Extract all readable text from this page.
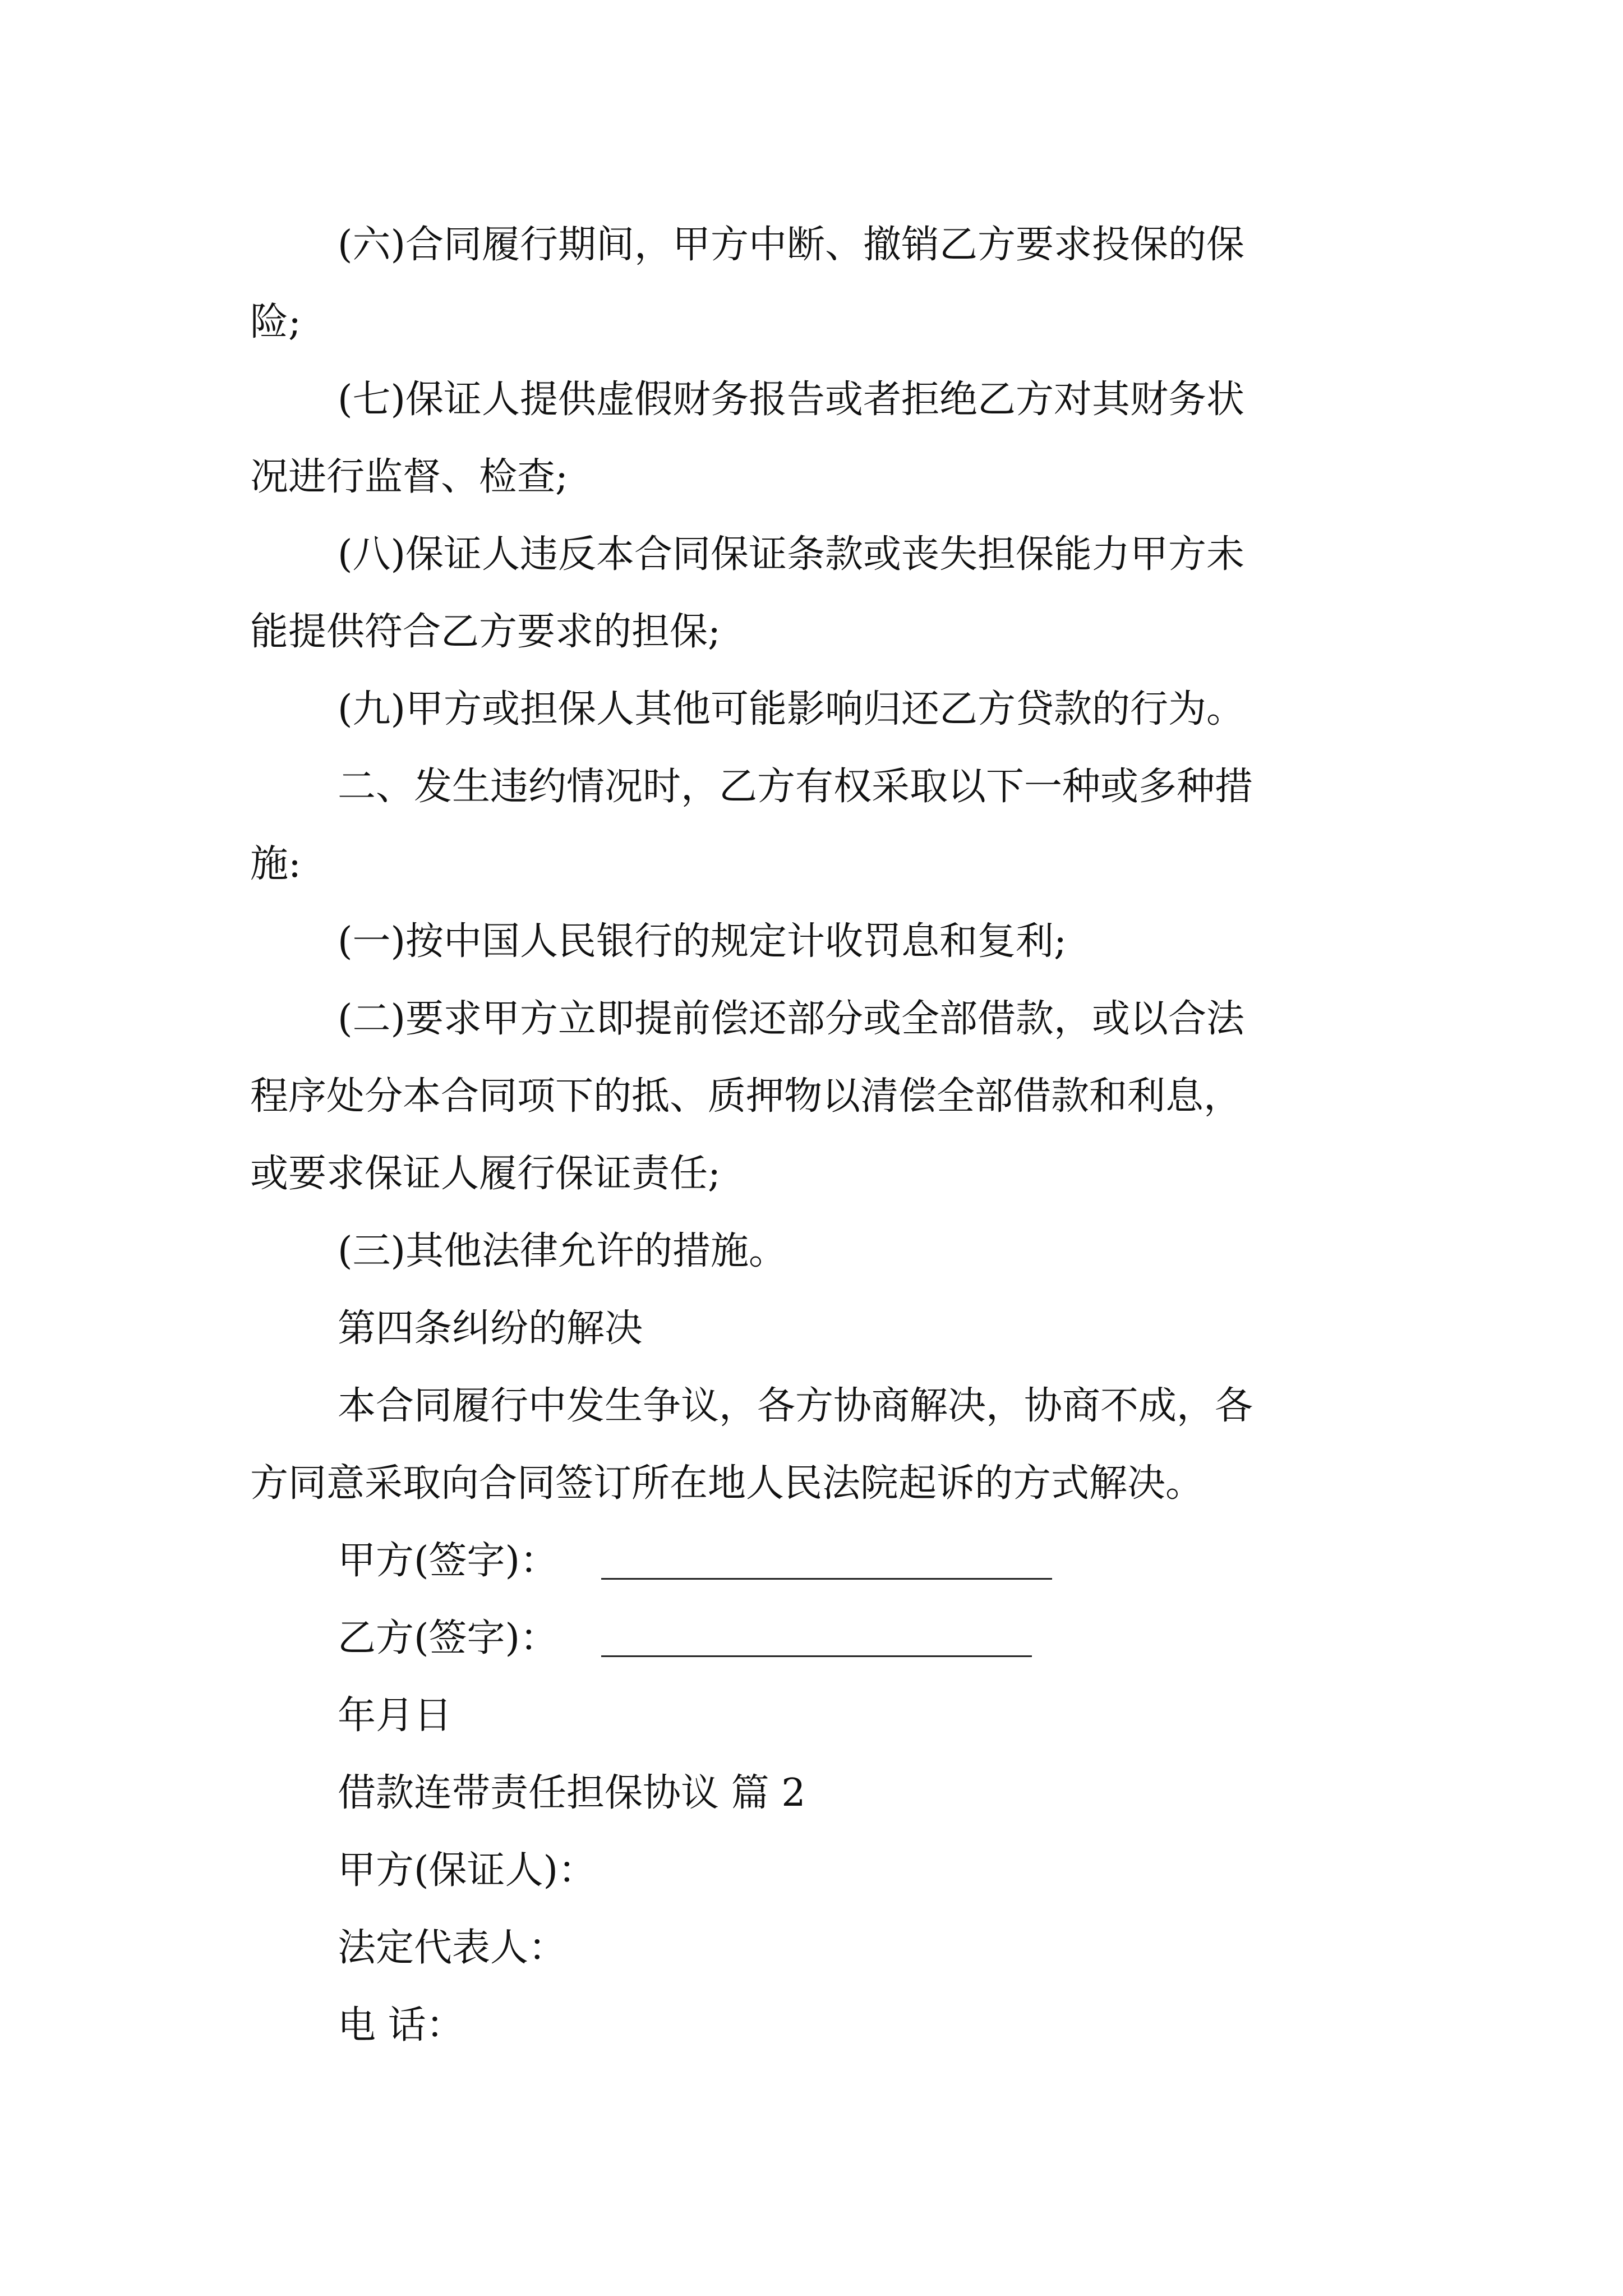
(六)合同履行期间，甲方中断、撤销乙方要求投保的保
险;
(七)保证人提供虚假财务报告或者拒绝乙方对其财务状
况进行监督、检查;
(八)保证人违反本合同保证条款或丧失担保能力甲方未
能提供符合乙方要求的担保;
(九)甲方或担保人其他可能影响归还乙方贷款的行为。
二、发生违约情况时，乙方有权采取以下一种或多种措
施:
(一)按中国人民银行的规定计收罚息和复利;
(二)要求甲方立即提前偿还部分或全部借款，或以合法
程序处分本合同项下的抵、质押物以清偿全部借款和利息，
或要求保证人履行保证责任;
(三)其他法律允许的措施。
第四条纠纷的解决
本合同履行中发生争议，各方协商解决，协商不成，各
方同意采取向合同签订所在地人民法院起诉的方式解决。
甲方(签字)：
乙方(签字)：
年月日
借款连带责任担保协议 篇 2
甲方(保证人)：
法定代表人：
电 话：
